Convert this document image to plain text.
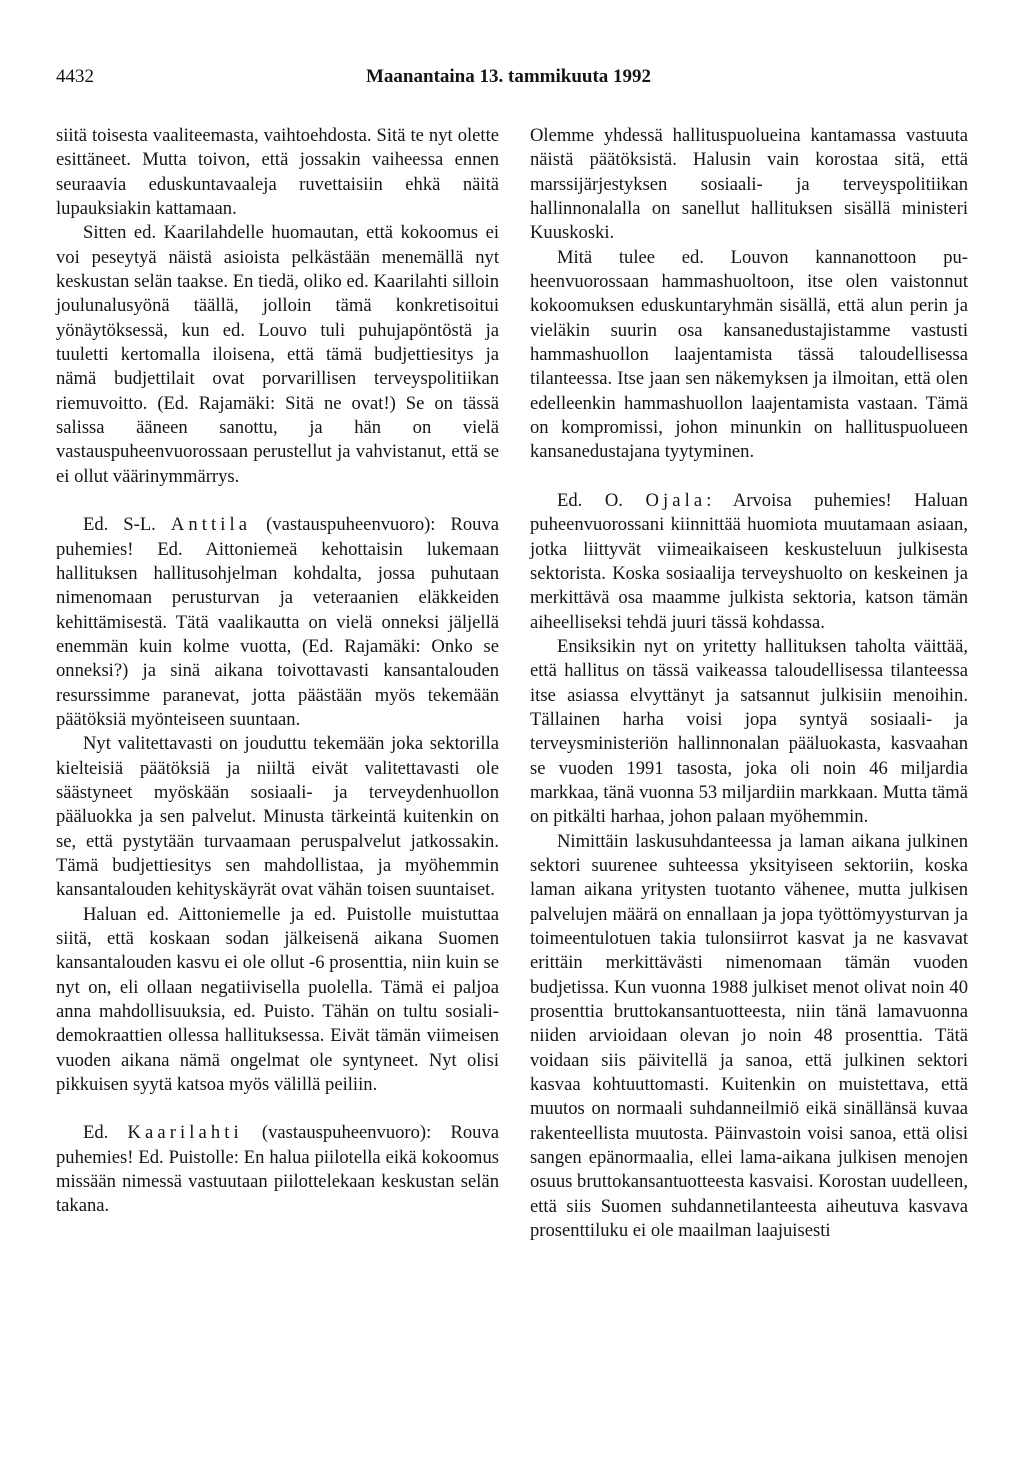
4432	Maanantaina 13. tammikuuta 1992

siitä toisesta vaaliteemasta, vaihtoehdosta. Sitä te nyt olette esittäneet. Mutta toivon, että jossakin vaiheessa ennen seuraavia eduskuntavaaleja ruvettaisiin ehkä näitä lupauksiakin kattamaan.

Sitten ed. Kaarilahdelle huomautan, että kokoomus ei voi peseytyä näistä asioista pelkästään menemällä nyt keskustan selän taakse. En tiedä, oliko ed. Kaarilahti silloin joulunalusyönä täällä, jolloin tämä konkretisoitui yönäytöksessä, kun ed. Louvo tuli puhujapöntöstä ja tuuletti kertomalla iloisena, että tämä budjettiesitys ja nämä budjettilait ovat porvarillisen terveyspolitiikan riemuvoitto. (Ed. Rajamäki: Sitä ne ovat!) Se on tässä salissa ääneen sanottu, ja hän on vielä vastauspuheenvuorossaan perustellut ja vahvistanut, että se ei ollut väärinymmärrys.

Ed. S-L. Anttila (vastauspuheenvuoro): Rouva puhemies! Ed. Aittoniemeä kehottaisin lukemaan hallituksen hallitusohjelman kohdalta, jossa puhutaan nimenomaan perusturvan ja veteraanien eläkkeiden kehittämisestä. Tätä vaalikautta on vielä onneksi jäljellä enemmän kuin kolme vuotta, (Ed. Rajamäki: Onko se onneksi?) ja sinä aikana toivottavasti kansantalouden resurssimme paranevat, jotta päästään myös tekemään päätöksiä myönteiseen suuntaan.

Nyt valitettavasti on jouduttu tekemään joka sektorilla kielteisiä päätöksiä ja niiltä eivät valitettavasti ole säästyneet myöskään sosiaali- ja terveydenhuollon pääluokka ja sen palvelut. Minusta tärkeintä kuitenkin on se, että pystytään turvaamaan peruspalvelut jatkossakin. Tämä budjettiesitys sen mahdollistaa, ja myöhemmin kansantalouden kehityskäyrät ovat vähän toisen suuntaiset.

Haluan ed. Aittoniemelle ja ed. Puistolle muistuttaa siitä, että koskaan sodan jälkeisenä aikana Suomen kansantalouden kasvu ei ole ollut -6 prosenttia, niin kuin se nyt on, eli ollaan negatiivisella puolella. Tämä ei paljoa anna mahdollisuuksia, ed. Puisto. Tähän on tultu sosialidemokraattien ollessa hallituksessa. Eivät tämän viimeisen vuoden aikana nämä ongelmat ole syntyneet. Nyt olisi pikkuisen syytä katsoa myös välillä peiliin.

Ed. Kaarilahti (vastauspuheenvuoro): Rouva puhemies! Ed. Puistolle: En halua piilotella eikä kokoomus missään nimessä vastuutaan piilottelekaan keskustan selän takana.

Olemme yhdessä hallituspuolueina kantamassa vastuuta näistä päätöksistä. Halusin vain korostaa sitä, että marssijärjestyksen sosiaali- ja terveyspolitiikan hallinnonalalla on sanellut hallituksen sisällä ministeri Kuuskoski.

Mitä tulee ed. Louvon kannanottoon puheenvuorossaan hammashuoltoon, itse olen vaistonnut kokoomuksen eduskuntaryhmän sisällä, että alun perin ja vieläkin suurin osa kansanedustajistamme vastusti hammashuollon laajentamista tässä taloudellisessa tilanteessa. Itse jaan sen näkemyksen ja ilmoitan, että olen edelleenkin hammashuollon laajentamista vastaan. Tämä on kompromissi, johon minunkin on hallituspuolueen kansanedustajana tyytyminen.

Ed. O. Ojala: Arvoisa puhemies! Haluan puheenvuorossani kiinnittää huomiota muutamaan asiaan, jotka liittyvät viimeaikaiseen keskusteluun julkisesta sektorista. Koska sosiaalija terveyshuolto on keskeinen ja merkittävä osa maamme julkista sektoria, katson tämän aiheelliseksi tehdä juuri tässä kohdassa.

Ensiksikin nyt on yritetty hallituksen taholta väittää, että hallitus on tässä vaikeassa taloudellisessa tilanteessa itse asiassa elvyttänyt ja satsannut julkisiin menoihin. Tällainen harha voisi jopa syntyä sosiaali- ja terveysministeriön hallinnonalan pääluokasta, kasvaahan se vuoden 1991 tasosta, joka oli noin 46 miljardia markkaa, tänä vuonna 53 miljardiin markkaan. Mutta tämä on pitkälti harhaa, johon palaan myöhemmin.

Nimittäin laskusuhdanteessa ja laman aikana julkinen sektori suurenee suhteessa yksityiseen sektoriin, koska laman aikana yritysten tuotanto vähenee, mutta julkisen palvelujen määrä on ennallaan ja jopa työttömyysturvan ja toimeentulotuen takia tulonsiirrot kasvat ja ne kasvavat erittäin merkittävästi nimenomaan tämän vuoden budjetissa. Kun vuonna 1988 julkiset menot olivat noin 40 prosenttia bruttokansantuotteesta, niin tänä lamavuonna niiden arvioidaan olevan jo noin 48 prosenttia. Tätä voidaan siis päivitellä ja sanoa, että julkinen sektori kasvaa kohtuuttomasti. Kuitenkin on muistettava, että muutos on normaali suhdanneilmiö eikä sinällänsä kuvaa rakenteellista muutosta. Päinvastoin voisi sanoa, että olisi sangen epänormaalia, ellei lama-aikana julkisen menojen osuus bruttokansantuotteesta kasvaisi. Korostan uudelleen, että siis Suomen suhdannetilanteesta aiheutuva kasvava prosenttiluku ei ole maailman laajuisesti
